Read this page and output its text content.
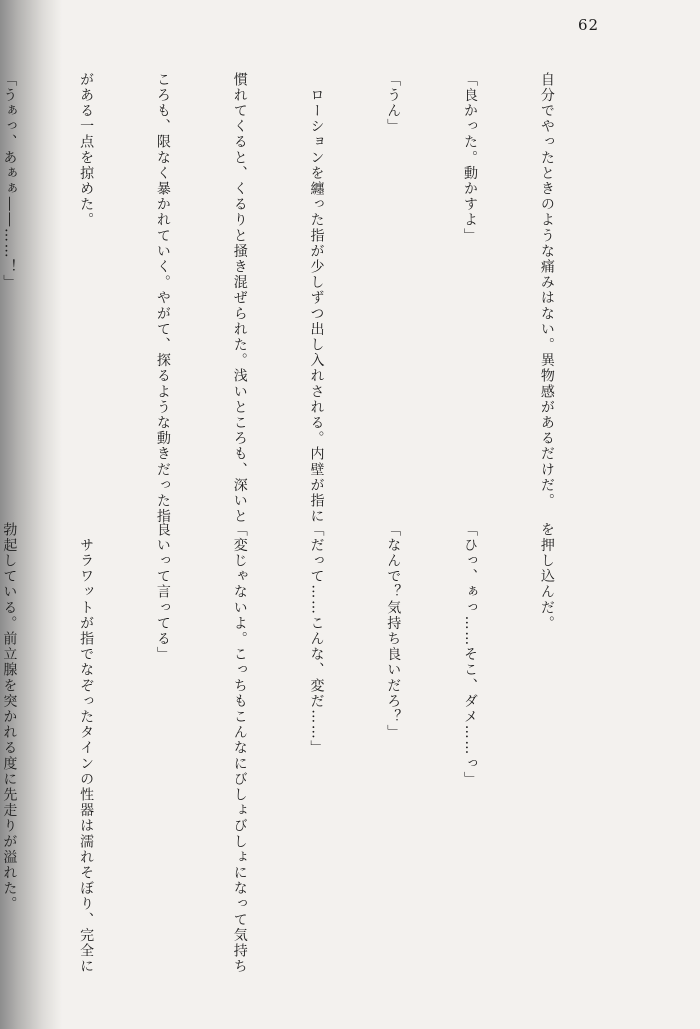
62

自分でやったときのような痛みはない。異物感があるだけだ。

「良かった。動かすよ」

「うん」

　ローションを纏った指が少しずつ出し入れされる。内壁が指に

慣れてくると、くるりと掻き混ぜられた。浅いところも、深いと

ころも、限なく暴かれていく。やがて、探るような動きだった指

がある一点を掠めた。

「うぁっ、あぁぁ――……！」

を押し込んだ。

「ひっ、ぁっ……そこ、ダメ……っ」

「なんで？気持ち良いだろ？」

「だって……こんな、変だ……」

「変じゃないよ。こっちもこんなにびしょびしょになって気持ち

良いって言ってる」

　サラワットが指でなぞったタインの性器は濡れそぼり、完全に

勃起している。前立腺を突かれる度に先走りが溢れた。
